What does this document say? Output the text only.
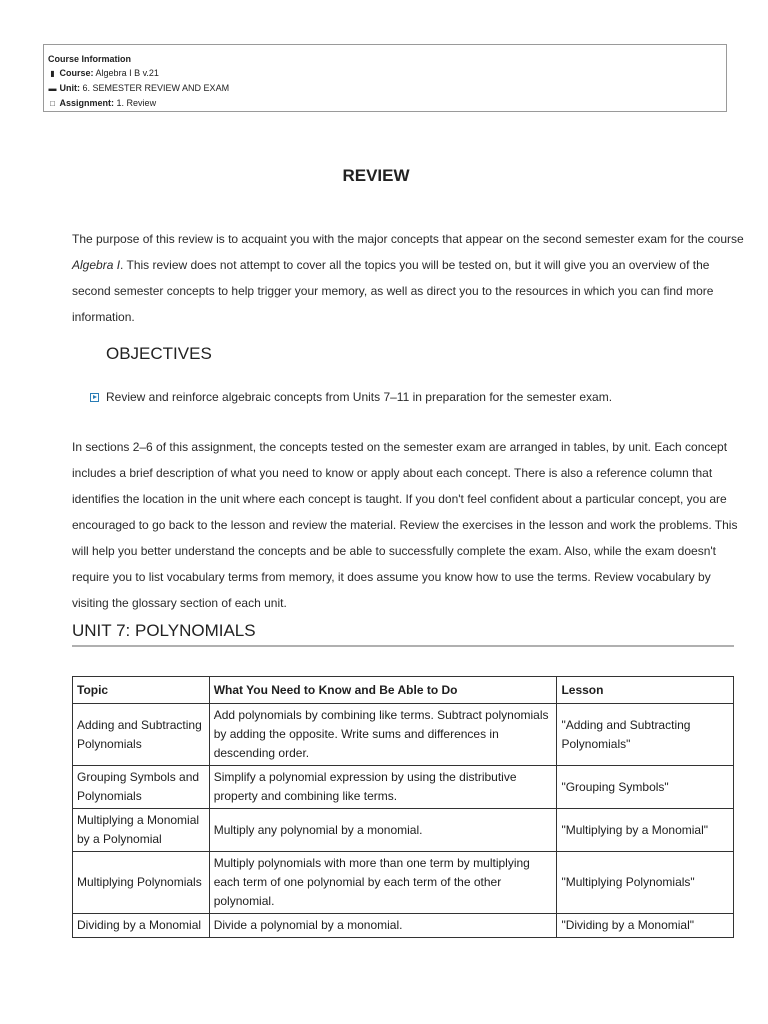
Course Information
▮ Course: Algebra I B v.21
▬ Unit: 6. SEMESTER REVIEW AND EXAM
□ Assignment: 1. Review
REVIEW
The purpose of this review is to acquaint you with the major concepts that appear on the second semester exam for the course Algebra I. This review does not attempt to cover all the topics you will be tested on, but it will give you an overview of the second semester concepts to help trigger your memory, as well as direct you to the resources in which you can find more information.
OBJECTIVES
Review and reinforce algebraic concepts from Units 7–11 in preparation for the semester exam.
In sections 2–6 of this assignment, the concepts tested on the semester exam are arranged in tables, by unit. Each concept includes a brief description of what you need to know or apply about each concept. There is also a reference column that identifies the location in the unit where each concept is taught. If you don't feel confident about a particular concept, you are encouraged to go back to the lesson and review the material. Review the exercises in the lesson and work the problems. This will help you better understand the concepts and be able to successfully complete the exam. Also, while the exam doesn't require you to list vocabulary terms from memory, it does assume you know how to use the terms. Review vocabulary by visiting the glossary section of each unit.
UNIT 7: POLYNOMIALS
Topic	What You Need to Know and Be Able to Do	Lesson
Adding and Subtracting Polynomials	Add polynomials by combining like terms. Subtract polynomials by adding the opposite. Write sums and differences in descending order.	"Adding and Subtracting Polynomials"
Grouping Symbols and Polynomials	Simplify a polynomial expression by using the distributive property and combining like terms.	"Grouping Symbols"
Multiplying a Monomial by a Polynomial	Multiply any polynomial by a monomial.	"Multiplying by a Monomial"
Multiplying Polynomials	Multiply polynomials with more than one term by multiplying each term of one polynomial by each term of the other polynomial.	"Multiplying Polynomials"
Dividing by a Monomial	Divide a polynomial by a monomial.	"Dividing by a Monomial"
